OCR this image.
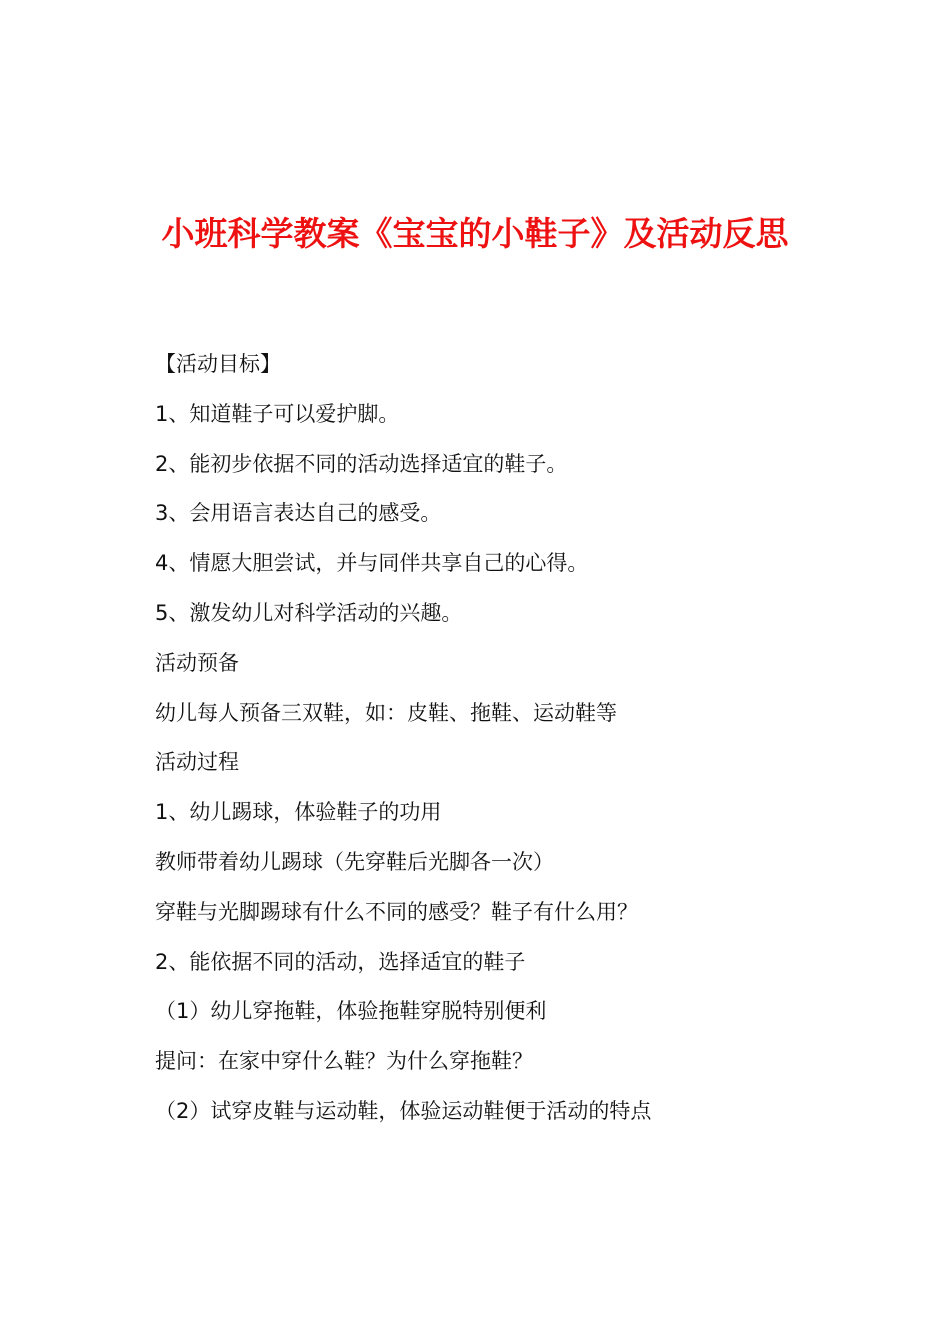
小班科学教案《宝宝的小鞋子》及活动反思
【活动目标】
1、知道鞋子可以爱护脚。
2、能初步依据不同的活动选择适宜的鞋子。
3、会用语言表达自己的感受。
4、情愿大胆尝试，并与同伴共享自己的心得。
5、激发幼儿对科学活动的兴趣。
活动预备
幼儿每人预备三双鞋，如：皮鞋、拖鞋、运动鞋等
活动过程
1、幼儿踢球，体验鞋子的功用
教师带着幼儿踢球（先穿鞋后光脚各一次）
穿鞋与光脚踢球有什么不同的感受？鞋子有什么用？
2、能依据不同的活动，选择适宜的鞋子
（1）幼儿穿拖鞋，体验拖鞋穿脱特别便利
提问：在家中穿什么鞋？为什么穿拖鞋？
（2）试穿皮鞋与运动鞋，体验运动鞋便于活动的特点
